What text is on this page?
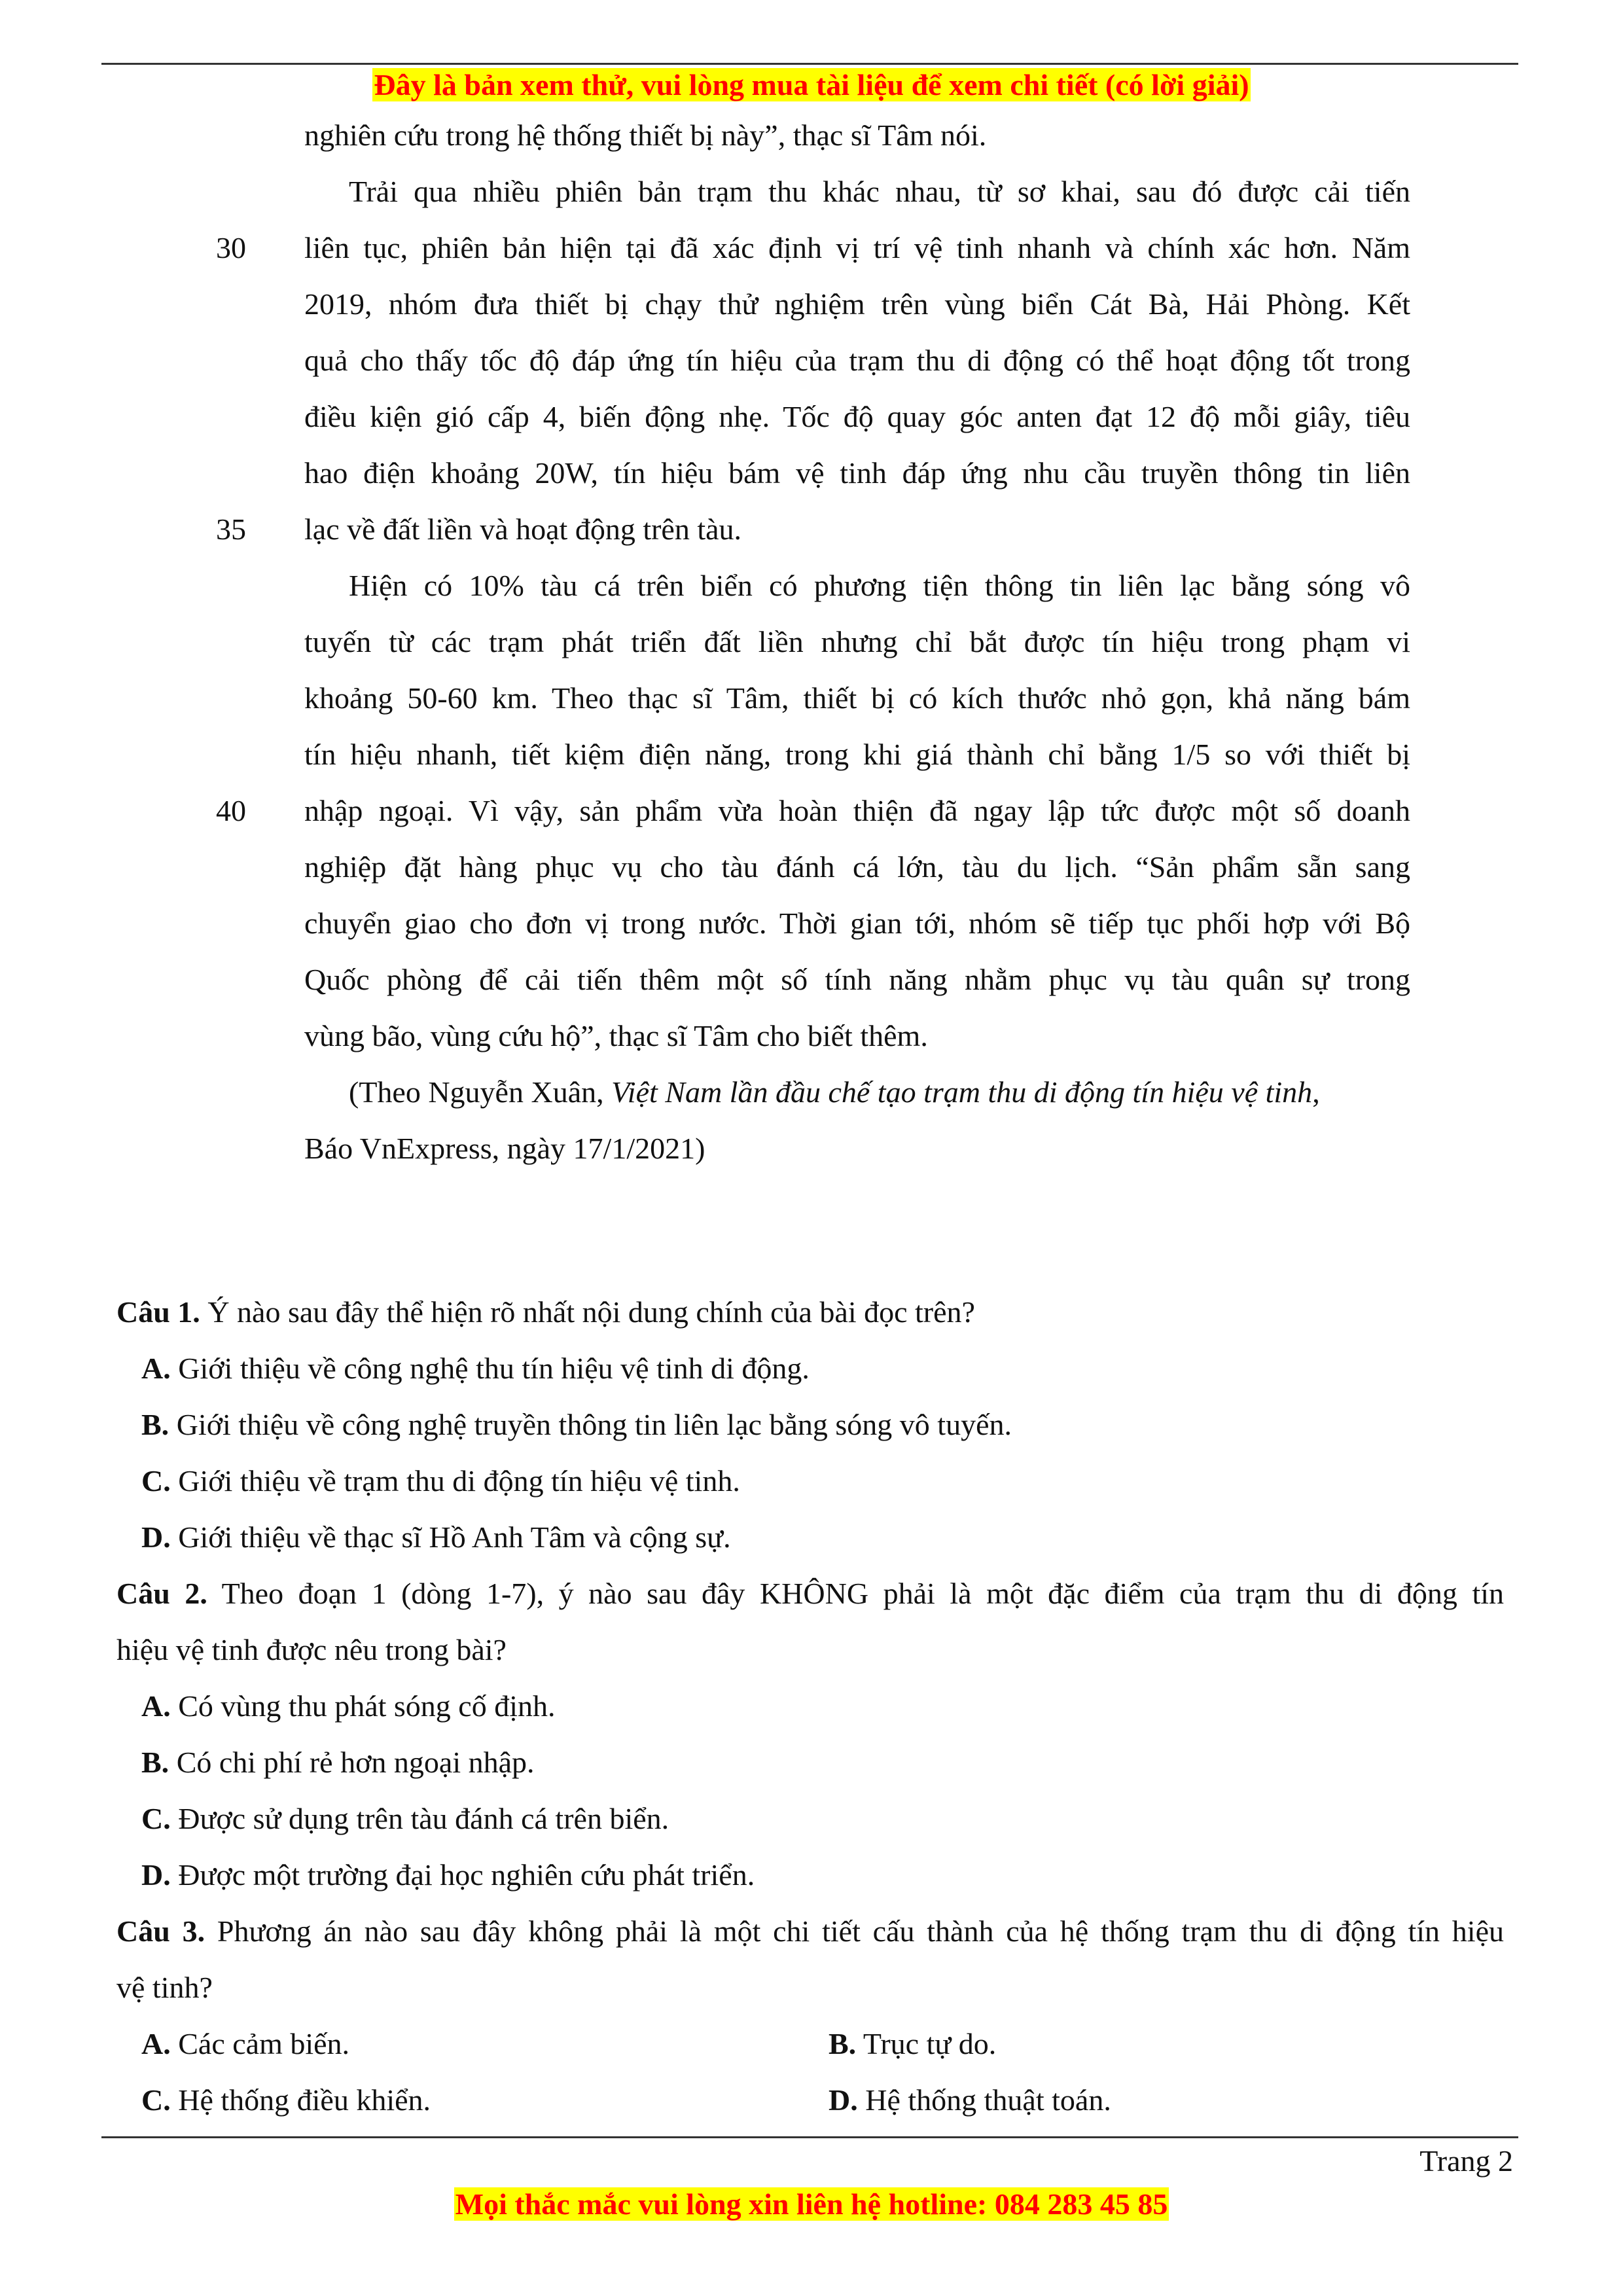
Đây là bản xem thử, vui lòng mua tài liệu để xem chi tiết (có lời giải)
30
35
40
nghiên cứu trong hệ thống thiết bị này”, thạc sĩ Tâm nói.
Trải qua nhiều phiên bản trạm thu khác nhau, từ sơ khai, sau đó được cải tiến
liên tục, phiên bản hiện tại đã xác định vị trí vệ tinh nhanh và chính xác hơn. Năm
2019, nhóm đưa thiết bị chạy thử nghiệm trên vùng biển Cát Bà, Hải Phòng. Kết
quả cho thấy tốc độ đáp ứng tín hiệu của trạm thu di động có thể hoạt động tốt trong
điều kiện gió cấp 4, biến động nhẹ. Tốc độ quay góc anten đạt 12 độ mỗi giây, tiêu
hao điện khoảng 20W, tín hiệu bám vệ tinh đáp ứng nhu cầu truyền thông tin liên
lạc về đất liền và hoạt động trên tàu.
Hiện có 10% tàu cá trên biển có phương tiện thông tin liên lạc bằng sóng vô
tuyến từ các trạm phát triển đất liền nhưng chỉ bắt được tín hiệu trong phạm vi
khoảng 50-60 km. Theo thạc sĩ Tâm, thiết bị có kích thước nhỏ gọn, khả năng bám
tín hiệu nhanh, tiết kiệm điện năng, trong khi giá thành chỉ bằng 1/5 so với thiết bị
nhập ngoại. Vì vậy, sản phẩm vừa hoàn thiện đã ngay lập tức được một số doanh
nghiệp đặt hàng phục vụ cho tàu đánh cá lớn, tàu du lịch. “Sản phẩm sẵn sang
chuyển giao cho đơn vị trong nước. Thời gian tới, nhóm sẽ tiếp tục phối hợp với Bộ
Quốc phòng để cải tiến thêm một số tính năng nhằm phục vụ tàu quân sự trong
vùng bão, vùng cứu hộ”, thạc sĩ Tâm cho biết thêm.
(Theo Nguyễn Xuân, Việt Nam lần đầu chế tạo trạm thu di động tín hiệu vệ tinh,
Báo VnExpress, ngày 17/1/2021)
Câu 1. Ý nào sau đây thể hiện rõ nhất nội dung chính của bài đọc trên?
A. Giới thiệu về công nghệ thu tín hiệu vệ tinh di động.
B. Giới thiệu về công nghệ truyền thông tin liên lạc bằng sóng vô tuyến.
C. Giới thiệu về trạm thu di động tín hiệu vệ tinh.
D. Giới thiệu về thạc sĩ Hồ Anh Tâm và cộng sự.
Câu 2. Theo đoạn 1 (dòng 1-7), ý nào sau đây KHÔNG phải là một đặc điểm của trạm thu di động tín
hiệu vệ tinh được nêu trong bài?
A. Có vùng thu phát sóng cố định.
B. Có chi phí rẻ hơn ngoại nhập.
C. Được sử dụng trên tàu đánh cá trên biển.
D. Được một trường đại học nghiên cứu phát triển.
Câu 3. Phương án nào sau đây không phải là một chi tiết cấu thành của hệ thống trạm thu di động tín hiệu
vệ tinh?
A. Các cảm biến.	B. Trục tự do.
C. Hệ thống điều khiển.	D. Hệ thống thuật toán.
Trang 2
Mọi thắc mắc vui lòng xin liên hệ hotline: 084 283 45 85
